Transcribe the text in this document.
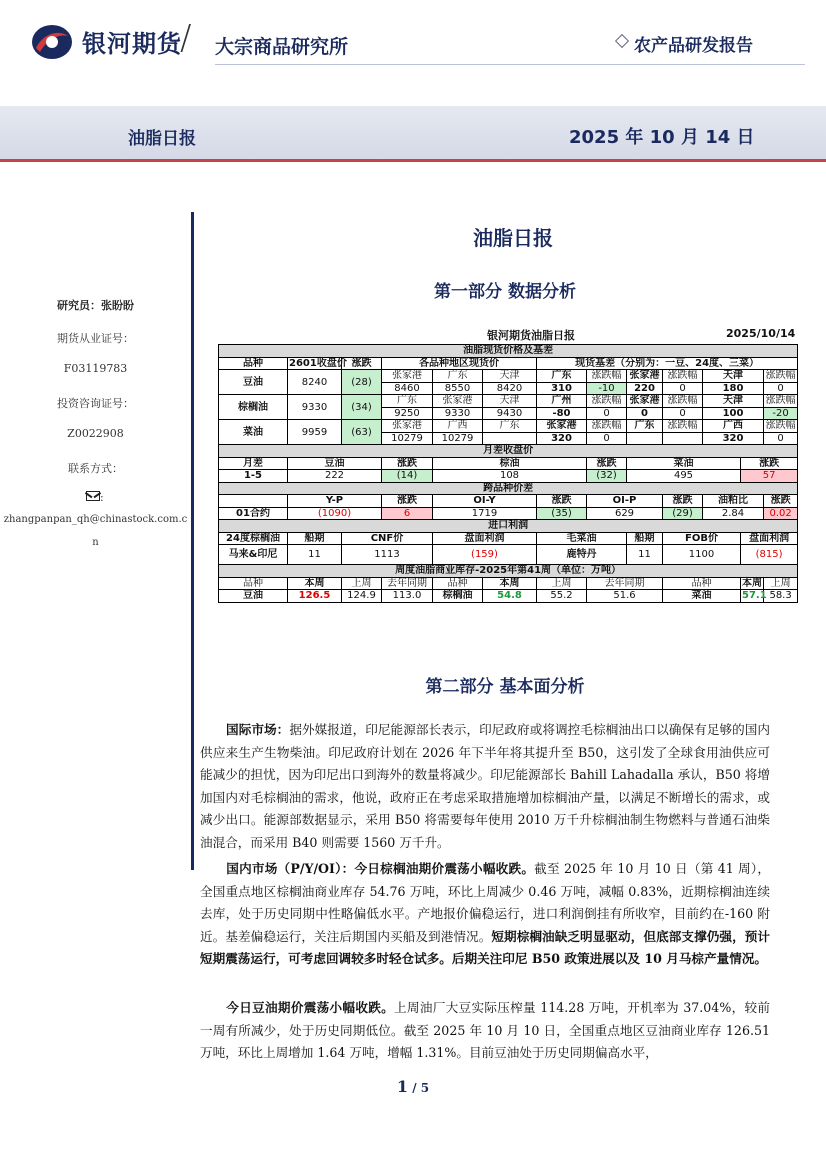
银河期货
/ 大宗商品研究所	农产品研发报告
油脂日报	2025 年 10 月 14 日
研究员：张盼盼
期货从业证号：
F03119783
投资咨询证号：
Z0022908
联系方式：
:
zhangpanpan_qh@chinastock.com.c
n
油脂日报
第一部分 数据分析
银河期货油脂日报	2025/10/14
油脂现货价格及基差												
品种	2601收盘价	涨跌	各品种地区现货价			现货基差（分别为：一豆、24度、三菜）						
豆油	8240	(28)	张家港	广东	天津	广东	涨跌幅	张家港	涨跌幅	天津		涨跌幅
			8460	8550	8420	310	-10	220	0	180		0
棕榈油	9330	(34)	广东	张家港	天津	广州	涨跌幅	张家港	涨跌幅	天津		涨跌幅
			9250	9330	9430	-80	0	0	0	100		-20
菜油	9959	(63)	张家港	广西	广东	张家港	涨跌幅	广东	涨跌幅	广西		涨跌幅
			10279	10279		320	0			320		0
月差收盘价												
月差	豆油		涨跌	棕油			涨跌	菜油			涨跌	
1-5	222		(14)	108			(32)	495			57	
跨品种价差												
	Y-P		涨跌	OI-Y		涨跌	OI-P		涨跌	油粕比		涨跌
01合约	(1090)		6	1719		(35)	629		(29)	2.84		0.02
进口利润												
24度棕榈油	船期	CNF价		盘面利润		毛菜油		船期	FOB价		盘面利润	
马来&印尼	11	1113		(159)		鹿特丹		11	1100		(815)	
周度油脂商业库存-2025年第41周（单位：万吨）												
品种	本周	上周	去年同期	品种	本周	上周	去年同期		品种		本周	上周
豆油	126.5	124.9	113.0	棕榈油	54.8	55.2	51.6		菜油		57.1	58.3
第二部分 基本面分析
国际市场：据外媒报道，印尼能源部长表示，印尼政府或将调控毛棕榈油出口以确保有足够的国内供应来生产生物柴油。印尼政府计划在 2026 年下半年将其提升至 B50，这引发了全球食用油供应可能减少的担忧，因为印尼出口到海外的数量将减少。印尼能源部长 Bahill Lahadalla 承认，B50 将增加国内对毛棕榈油的需求，他说，政府正在考虑采取措施增加棕榈油产量，以满足不断增长的需求，或减少出口。能源部数据显示，采用 B50 将需要每年使用 2010 万千升棕榈油制生物燃料与普通石油柴油混合，而采用 B40 则需要 1560 万千升。
国内市场（P/Y/OI）：今日棕榈油期价震荡小幅收跌。截至 2025 年 10 月 10 日（第 41 周），全国重点地区棕榈油商业库存 54.76 万吨，环比上周减少 0.46 万吨，减幅 0.83%，近期棕榈油连续去库，处于历史同期中性略偏低水平。产地报价偏稳运行，进口利润倒挂有所收窄，目前约在-160 附近。基差偏稳运行，关注后期国内买船及到港情况。短期棕榈油缺乏明显驱动，但底部支撑仍强，预计短期震荡运行，可考虑回调较多时轻仓试多。后期关注印尼 B50 政策进展以及 10 月马棕产量情况。
今日豆油期价震荡小幅收跌。上周油厂大豆实际压榨量 114.28 万吨，开机率为 37.04%，较前一周有所减少，处于历史同期低位。截至 2025 年 10 月 10 日，全国重点地区豆油商业库存 126.51 万吨，环比上周增加 1.64 万吨，增幅 1.31%。目前豆油处于历史同期偏高水平，
1 / 5
